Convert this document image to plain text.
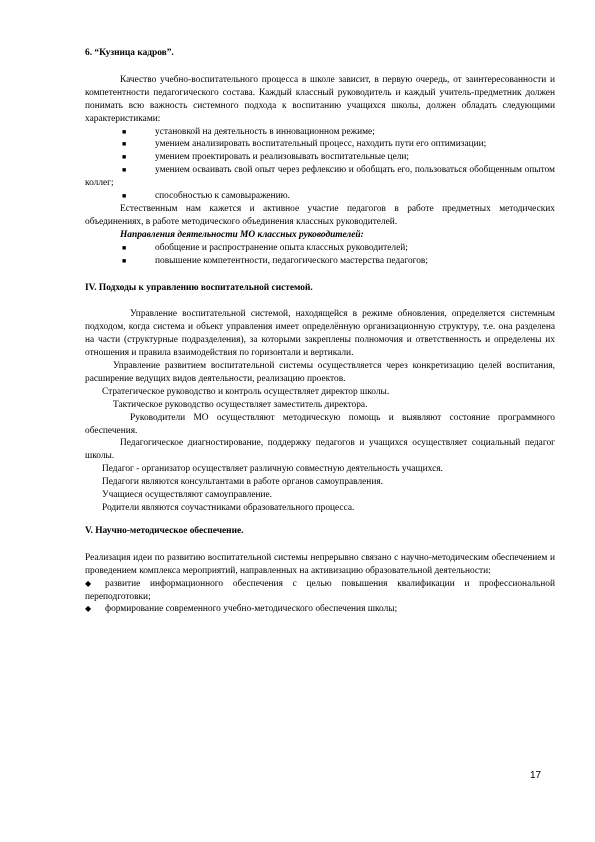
6. “Кузница кадров”.

Качество учебно-воспитательного процесса в школе зависит, в первую очередь, от заинтересованности и компетентности педагогического состава. Каждый классный руководитель и каждый учитель-предметник должен понимать всю важность системного подхода к воспитанию учащихся школы, должен обладать следующими характеристиками:

■	установкой на деятельность в инновационном режиме;

■	умением анализировать воспитательный процесс, находить пути его оптимизации;

■	умением проектировать и реализовывать воспитательные цели;

■	умением осваивать свой опыт через рефлексию и обобщать его, пользоваться обобщенным опытом коллег;

■	способностью к самовыражению.

Естественным нам кажется и активное участие педагогов в работе предметных методических объединениях, в работе методического объединения классных руководителей.

Направления деятельности МО классных руководителей:

■	обобщение и распространение опыта классных руководителей;

■	повышение компетентности, педагогического мастерства педагогов;

IV. Подходы к управлению воспитательной системой.

Управление воспитательной системой, находящейся в режиме обновления, определяется системным подходом, когда система и объект управления имеет определённую организационную структуру, т.е. она разделена на части (структурные подразделения), за которыми закреплены полномочия и ответственность и определены их отношения и правила взаимодействия по горизонтали и вертикали.

Управление развитием воспитательной системы осуществляется через конкретизацию целей воспитания, расширение ведущих видов деятельности, реализацию проектов.

Стратегическое руководство и контроль осуществляет директор школы.

Тактическое руководство осуществляет заместитель директора.

Руководители МО осуществляют методическую помощь и выявляют состояние программного обеспечения.

Педагогическое диагностирование, поддержку педагогов и учащихся осуществляет социальный педагог школы.

Педагог - организатор осуществляет различную совместную деятельность учащихся.

Педагоги являются консультантами в работе органов самоуправления.

Учащиеся осуществляют самоуправление.

Родители являются соучастниками образовательного процесса.

V. Научно-методическое обеспечение.

Реализация идеи по развитию воспитательной системы непрерывно связано с научно-методическим обеспечением и проведением комплекса мероприятий, направленных на активизацию образовательной деятельности:

◆ развитие информационного обеспечения с целью повышения квалификации и профессиональной переподготовки;

◆ формирование современного учебно-методического обеспечения школы;

17
